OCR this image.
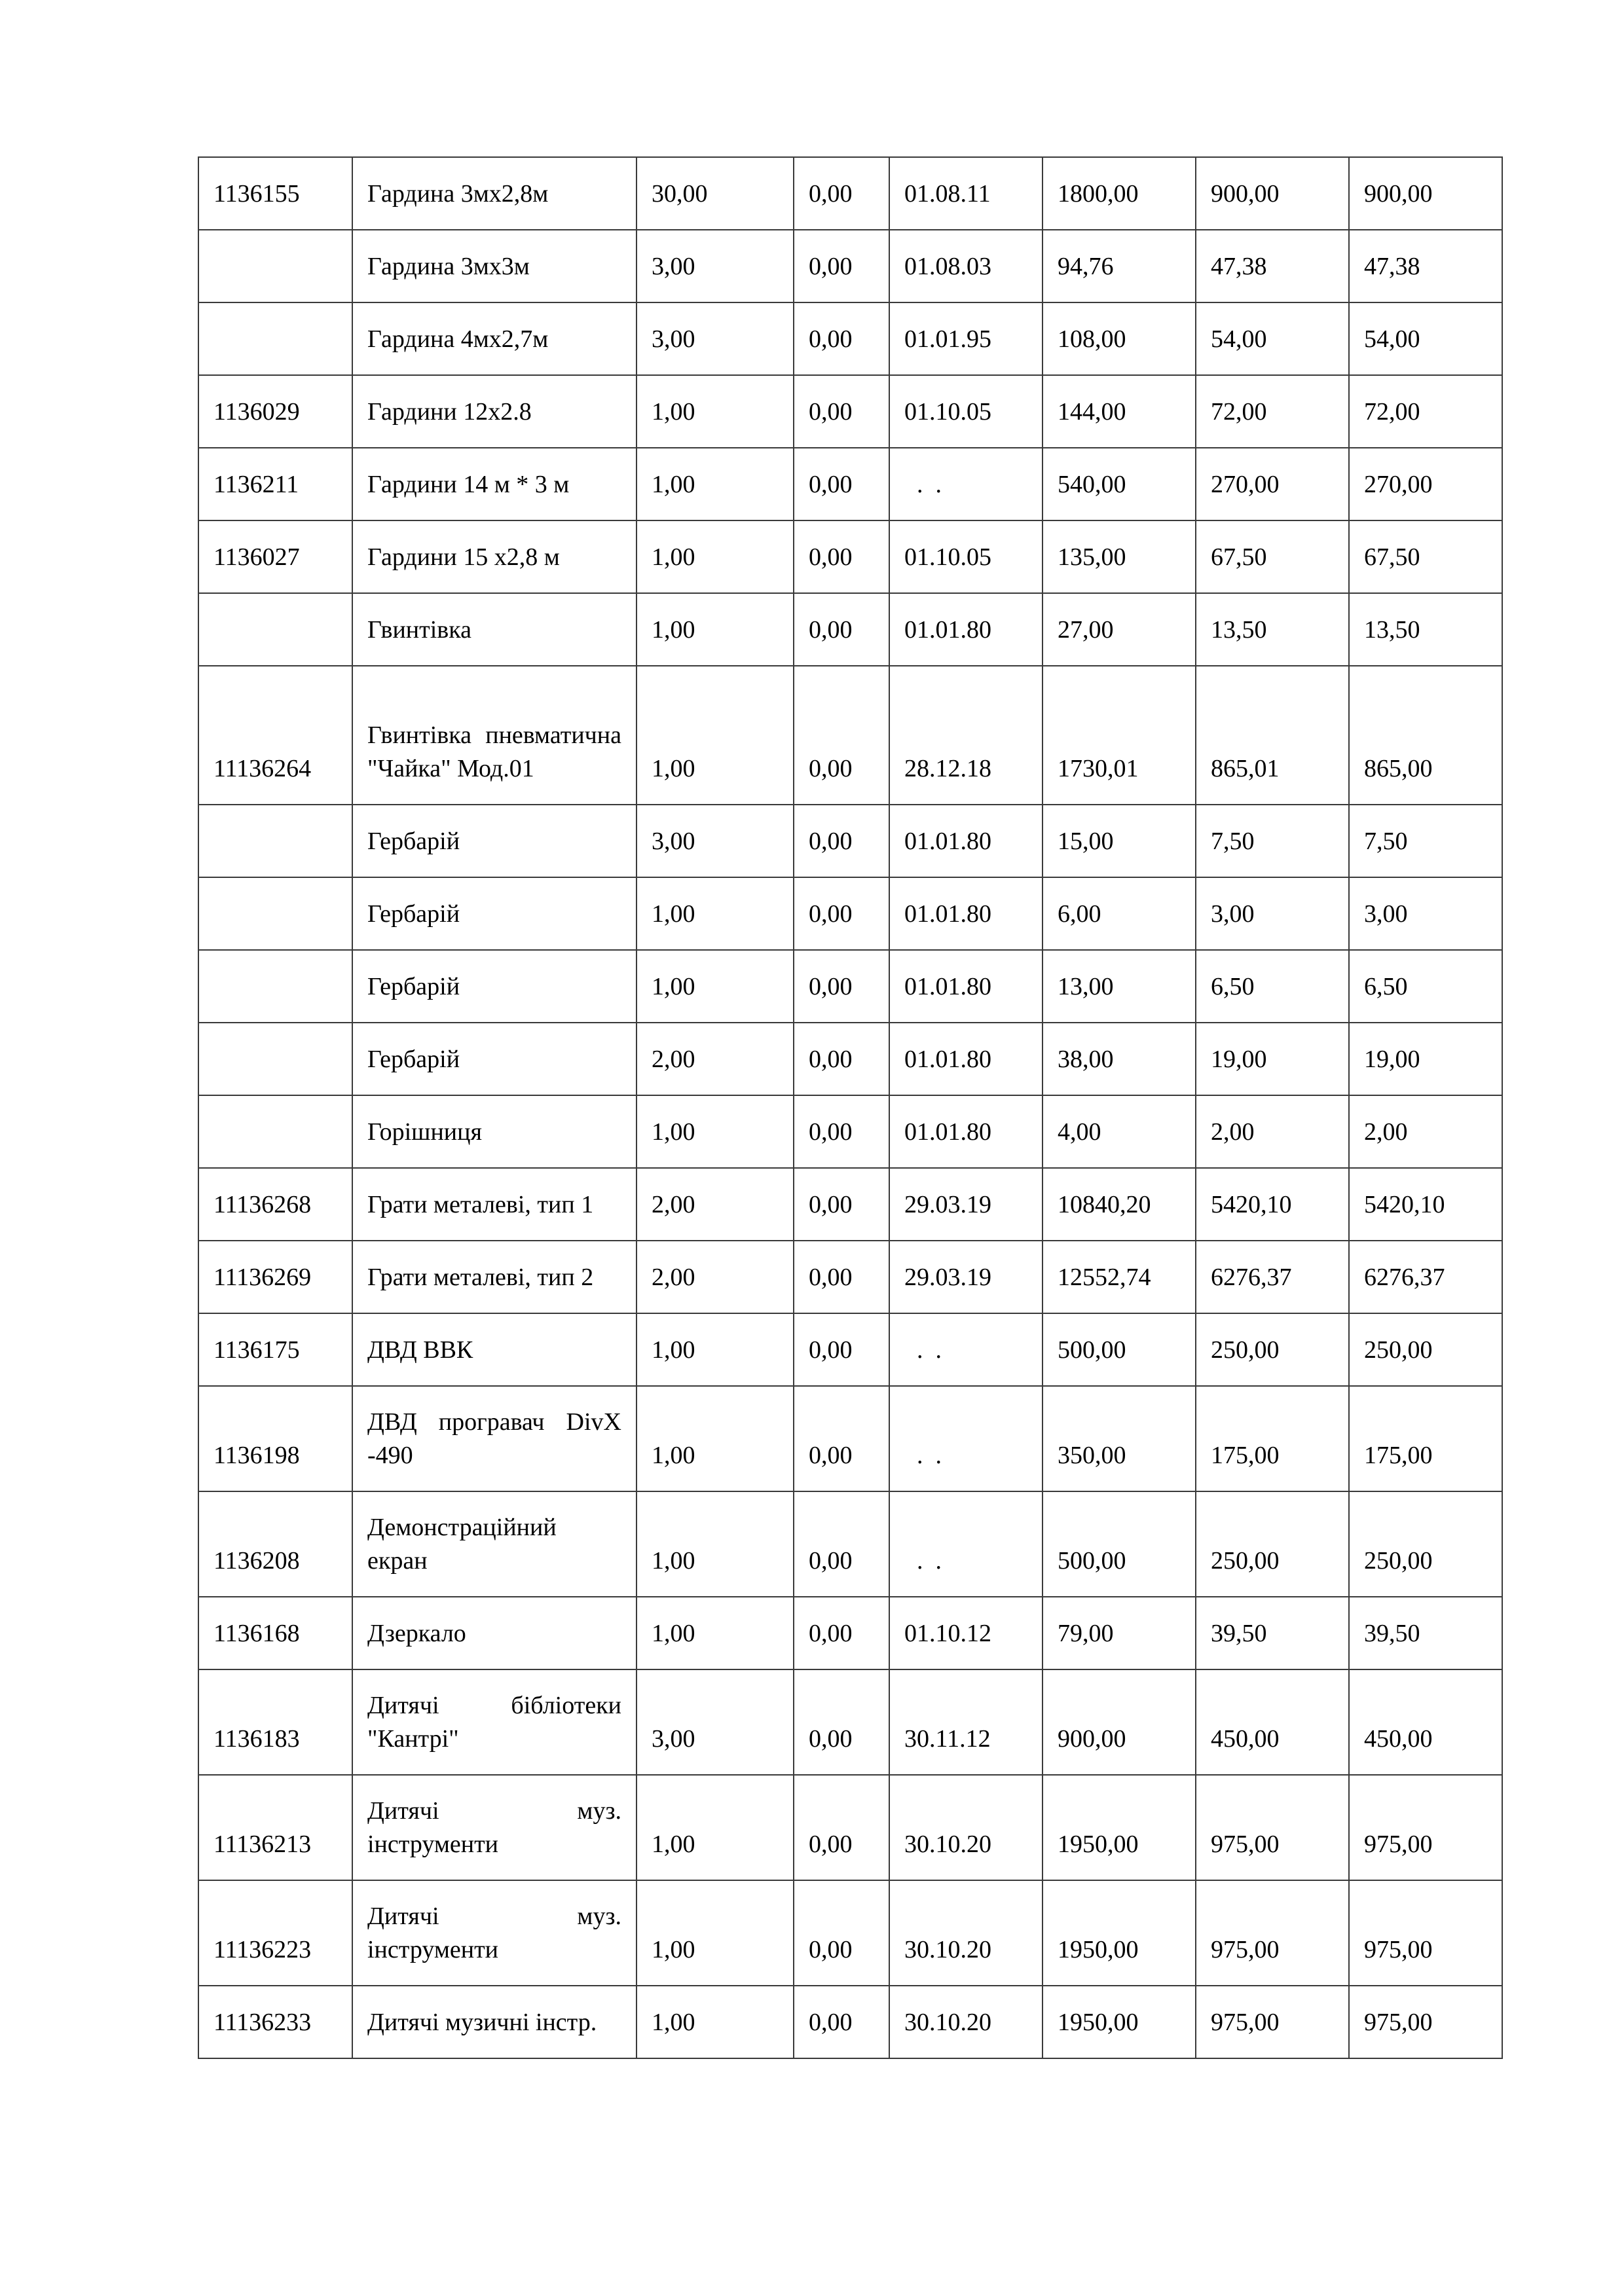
1136155	Гардина 3мх2,8м	30,00	0,00	01.08.11	1800,00	900,00	900,00
	Гардина 3мх3м	3,00	0,00	01.08.03	94,76	47,38	47,38
	Гардина 4мх2,7м	3,00	0,00	01.01.95	108,00	54,00	54,00
1136029	Гардини 12х2.8	1,00	0,00	01.10.05	144,00	72,00	72,00
1136211	Гардини 14 м * 3 м	1,00	0,00	.  .	540,00	270,00	270,00
1136027	Гардини 15 х2,8 м	1,00	0,00	01.10.05	135,00	67,50	67,50
	Гвинтівка	1,00	0,00	01.01.80	27,00	13,50	13,50
11136264	Гвинтівка пневматична "Чайка" Мод.01	1,00	0,00	28.12.18	1730,01	865,01	865,00
	Гербарій	3,00	0,00	01.01.80	15,00	7,50	7,50
	Гербарій	1,00	0,00	01.01.80	6,00	3,00	3,00
	Гербарій	1,00	0,00	01.01.80	13,00	6,50	6,50
	Гербарій	2,00	0,00	01.01.80	38,00	19,00	19,00
	Горішниця	1,00	0,00	01.01.80	4,00	2,00	2,00
11136268	Грати металеві, тип 1	2,00	0,00	29.03.19	10840,20	5420,10	5420,10
11136269	Грати металеві, тип 2	2,00	0,00	29.03.19	12552,74	6276,37	6276,37
1136175	ДВД ВВК	1,00	0,00	.  .	500,00	250,00	250,00
1136198	ДВД програвач DivX -490	1,00	0,00	.  .	350,00	175,00	175,00
1136208	Демонстраційний екран	1,00	0,00	.  .	500,00	250,00	250,00
1136168	Дзеркало	1,00	0,00	01.10.12	79,00	39,50	39,50
1136183	Дитячі бібліотеки "Кантрі"	3,00	0,00	30.11.12	900,00	450,00	450,00
11136213	Дитячі муз. інструменти	1,00	0,00	30.10.20	1950,00	975,00	975,00
11136223	Дитячі муз. інструменти	1,00	0,00	30.10.20	1950,00	975,00	975,00
11136233	Дитячі музичні інстр.	1,00	0,00	30.10.20	1950,00	975,00	975,00
